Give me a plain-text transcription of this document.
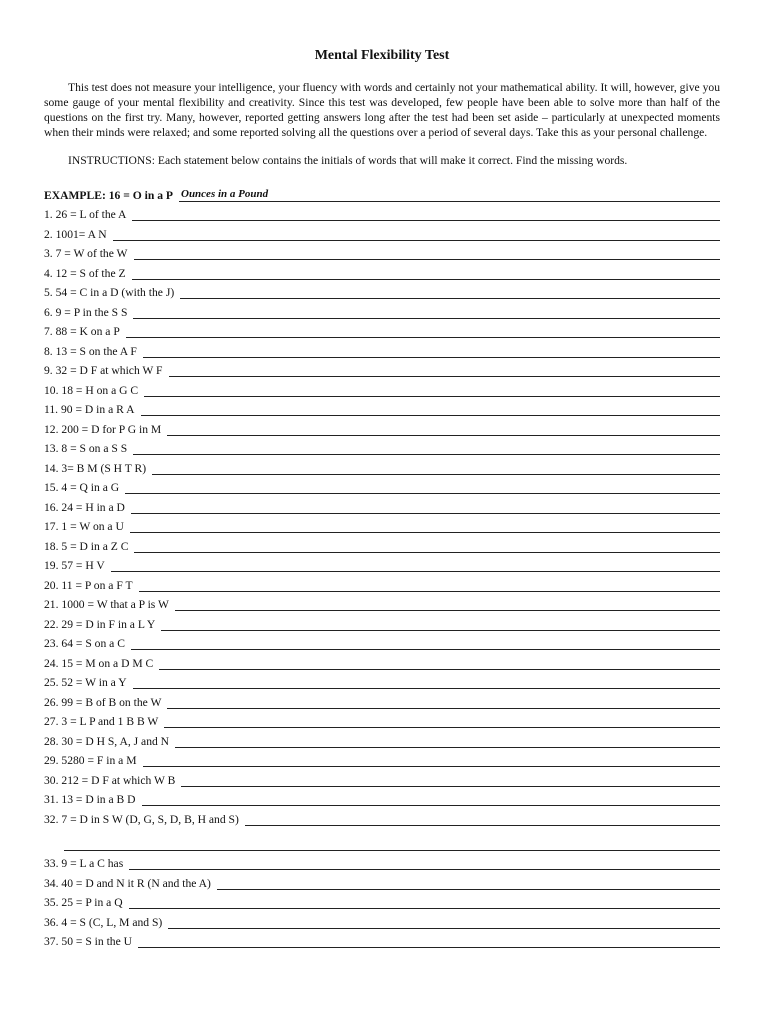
Mental Flexibility Test

This test does not measure your intelligence, your fluency with words and certainly not your mathematical ability. It will, however, give you some gauge of your mental flexibility and creativity. Since this test was developed, few people have been able to solve more than half of the questions on the first try. Many, however, reported getting answers long after the test had been set aside – particularly at unexpected moments when their minds were relaxed; and some reported solving all the questions over a period of several days. Take this as your personal challenge.

INSTRUCTIONS: Each statement below contains the initials of words that will make it correct. Find the missing words.

EXAMPLE: 16 = O in a P Ounces in a Pound
1. 26 = L of the A
2. 1001= A N
3. 7 = W of the W
4. 12 = S of the Z
5. 54 = C in a D (with the J)
6. 9 = P in the S S
7. 88 = K on a P
8. 13 = S on the A F
9. 32 = D F at which W F
10. 18 = H on a G C
11. 90 = D in a R A
12. 200 = D for P G in M
13. 8 = S on a S S
14. 3= B M (S H T R)
15. 4 = Q in a G
16. 24 = H in a D
17. 1 = W on a U
18. 5 = D in a Z C
19. 57 = H V
20. 11 = P on a F T
21. 1000 = W that a P is W
22. 29 = D in F in a L Y
23. 64 = S on a C
24. 15 = M on a D M C
25. 52 = W in a Y
26. 99 = B of B on the W
27. 3 = L P and 1 B B W
28. 30 = D H S, A, J and N
29. 5280 = F in a M
30. 212 = D F at which W B
31. 13 = D in a B D
32. 7 = D in S W (D, G, S, D, B, H and S)
33. 9 = L a C has
34. 40 = D and N it R (N and the A)
35. 25 = P in a Q
36. 4 = S (C, L, M and S)
37. 50 = S in the U
